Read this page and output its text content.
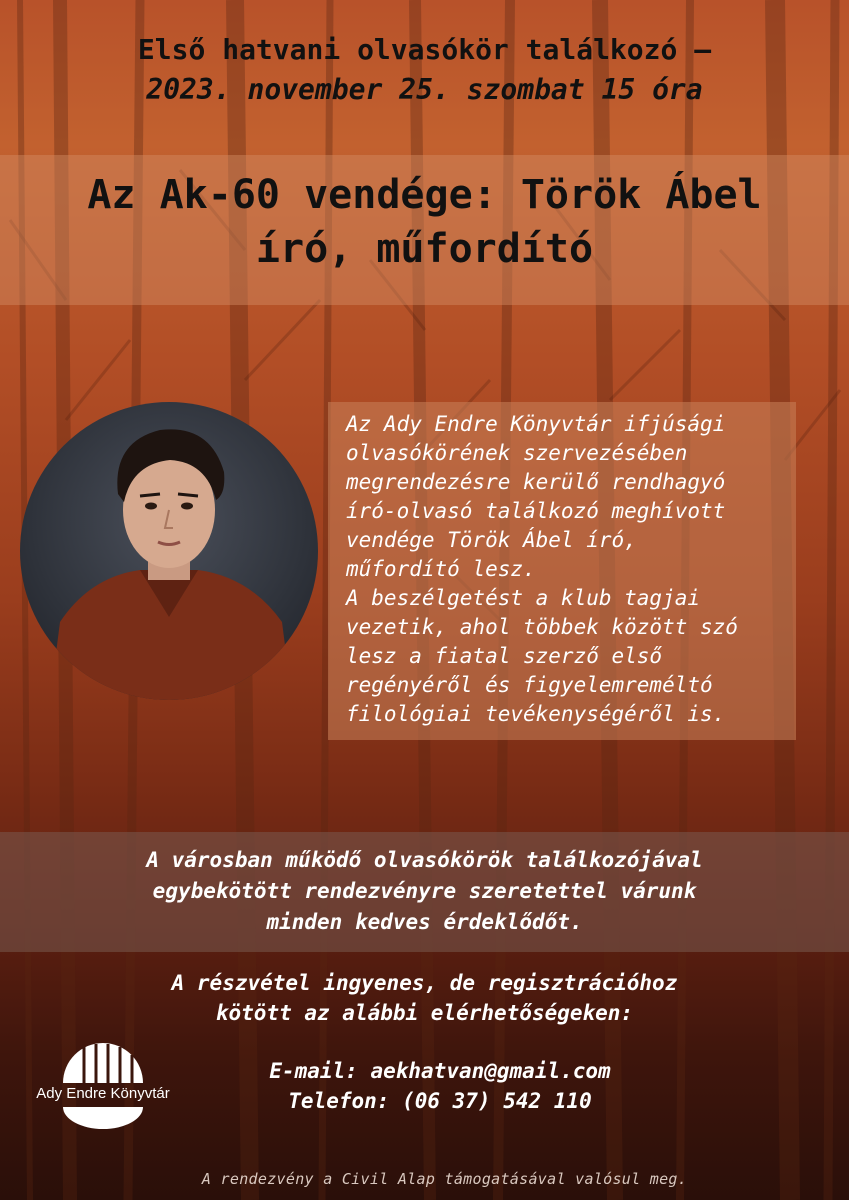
Első hatvani olvasókör találkozó –
2023. november 25. szombat 15 óra
Az Ak-60 vendége: Török Ábel
író, műfordító
Az Ady Endre Könyvtár ifjúsági
olvasókörének szervezésében
megrendezésre kerülő rendhagyó
író-olvasó találkozó meghívott
vendége Török Ábel író,
műfordító lesz.
A beszélgetést a klub tagjai
vezetik, ahol többek között szó
lesz a fiatal szerző első
regényéről és figyelemreméltó
filológiai tevékenységéről is.
A városban működő olvasókörök találkozójával
egybekötött rendezvényre szeretettel várunk
minden kedves érdeklődőt.
A részvétel ingyenes, de regisztrációhoz
kötött az alábbi elérhetőségeken:
E-mail: aekhatvan@gmail.com
Telefon: (06 37) 542 110
Ady Endre Könyvtár
A rendezvény a Civil Alap támogatásával valósul meg.
